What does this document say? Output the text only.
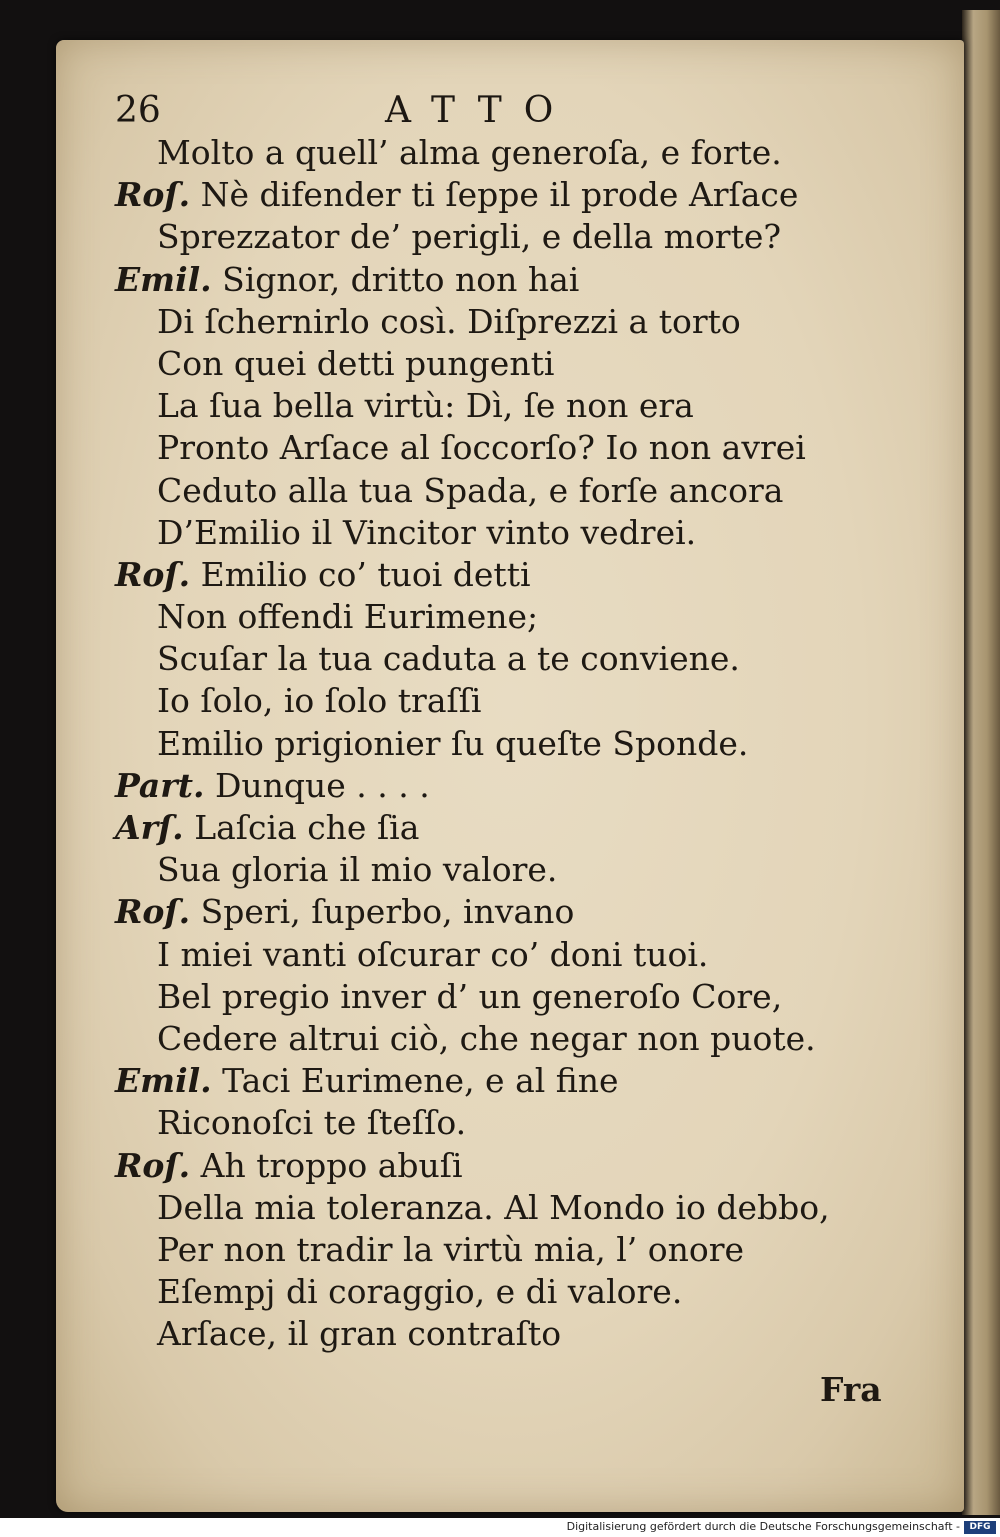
26	ATTO
Molto a quell’ alma generoſa, e forte.
Roſ. Nè difender ti ſeppe il prode Arſace
Sprezzator de’ perigli, e della morte?
Emil. Signor, dritto non hai
Di ſchernirlo così. Diſprezzi a torto
Con quei detti pungenti
La ſua bella virtù: Dì, ſe non era
Pronto Arſace al ſoccorſo? Io non avrei
Ceduto alla tua Spada, e forſe ancora
D’Emilio il Vincitor vinto vedrei.
Roſ. Emilio co’ tuoi detti
Non offendi Eurimene;
Scuſar la tua caduta a te conviene.
Io ſolo, io ſolo traſſi
Emilio prigionier ſu queſte Sponde.
Part. Dunque . . . .
Arſ. Laſcia che ſia
Sua gloria il mio valore.
Roſ. Speri, ſuperbo, invano
I miei vanti oſcurar co’ doni tuoi.
Bel pregio inver d’ un generoſo Core,
Cedere altrui ciò, che negar non puote.
Emil. Taci Eurimene, e al fine
Riconoſci te ſteſſo.
Roſ. Ah troppo abuſi
Della mia toleranza. Al Mondo io debbo,
Per non tradir la virtù mia, l’ onore
Eſempj di coraggio, e di valore.
Arſace, il gran contraſto
Fra
Digitalisierung gefördert durch die Deutsche Forschungsgemeinschaft -	DFG
